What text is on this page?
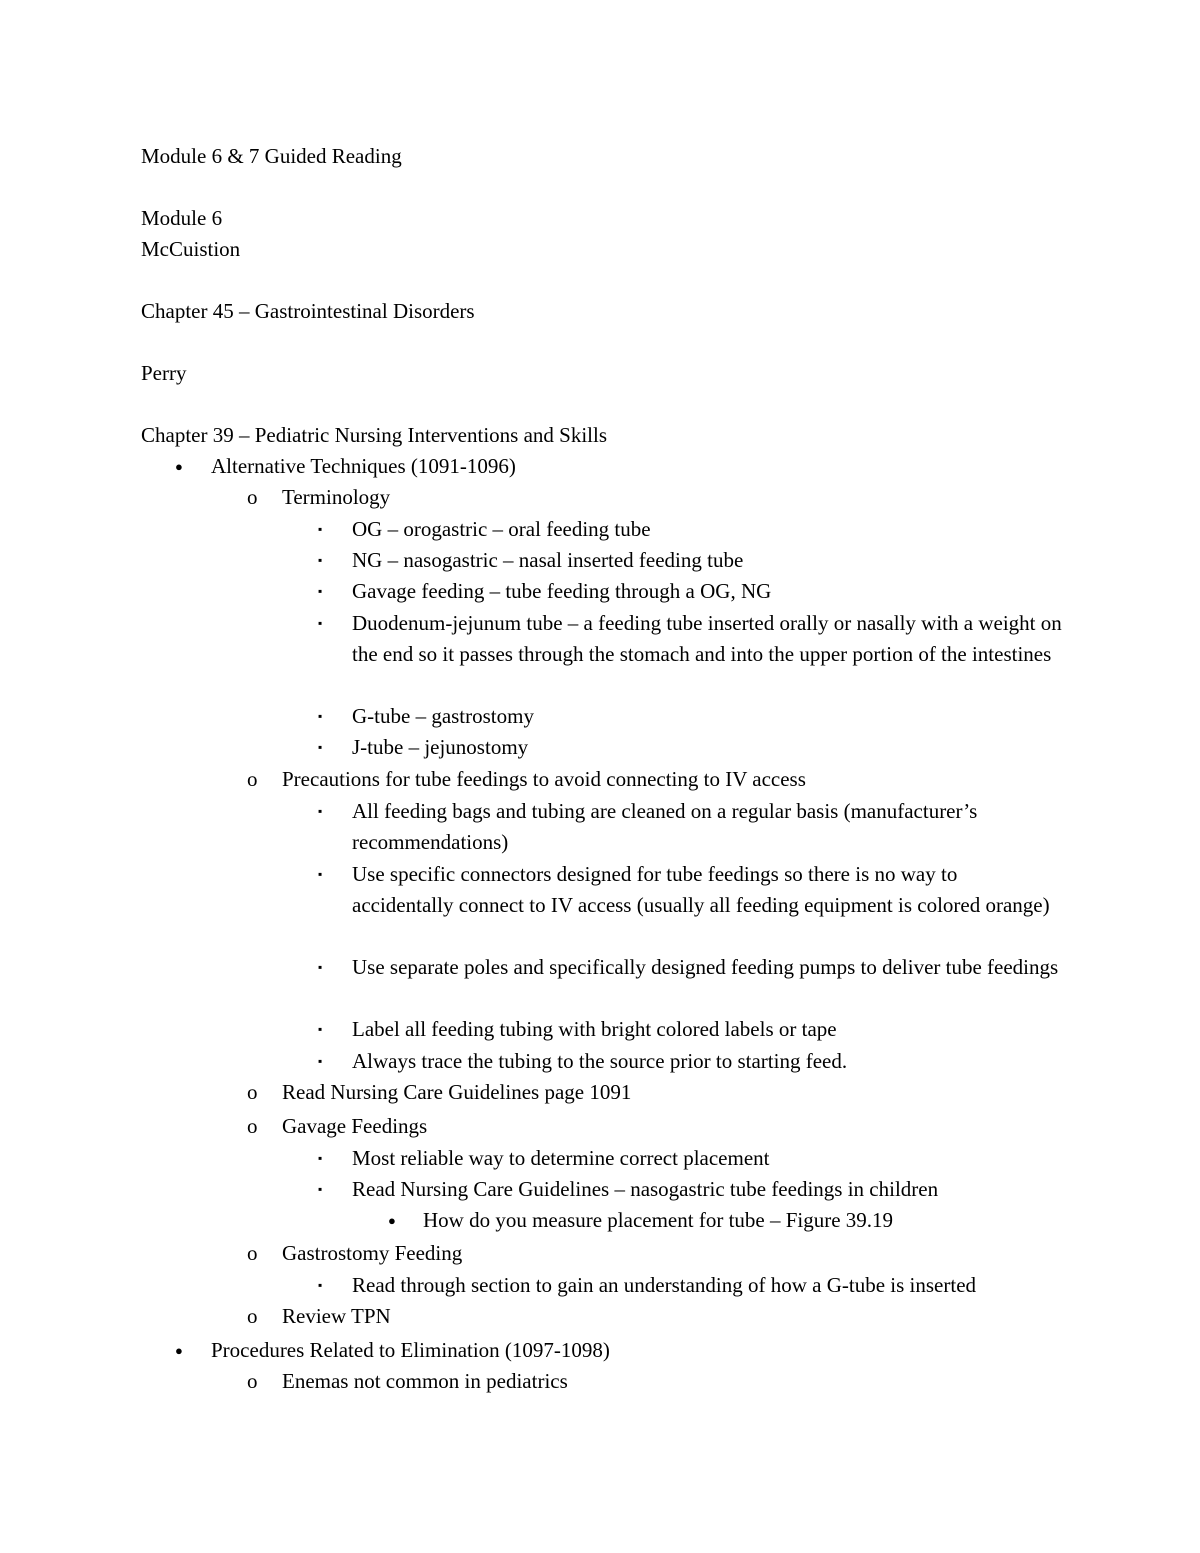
Module 6 & 7 Guided Reading
Module 6
McCuistion
Chapter 45 – Gastrointestinal Disorders
Perry
Chapter 39 – Pediatric Nursing Interventions and Skills
● Alternative Techniques (1091-1096)
o Terminology
▪ OG – orogastric – oral feeding tube
▪ NG – nasogastric – nasal inserted feeding tube
▪ Gavage feeding – tube feeding through a OG, NG
▪ Duodenum-jejunum tube – a feeding tube inserted orally or nasally with a weight on the end so it passes through the stomach and into the upper portion of the intestines
▪ G-tube – gastrostomy
▪ J-tube – jejunostomy
o Precautions for tube feedings to avoid connecting to IV access
▪ All feeding bags and tubing are cleaned on a regular basis (manufacturer’s recommendations)
▪ Use specific connectors designed for tube feedings so there is no way to accidentally connect to IV access (usually all feeding equipment is colored orange)
▪ Use separate poles and specifically designed feeding pumps to deliver tube feedings
▪ Label all feeding tubing with bright colored labels or tape
▪ Always trace the tubing to the source prior to starting feed.
o Read Nursing Care Guidelines page 1091
o Gavage Feedings
▪ Most reliable way to determine correct placement
▪ Read Nursing Care Guidelines – nasogastric tube feedings in children
● How do you measure placement for tube – Figure 39.19
o Gastrostomy Feeding
▪ Read through section to gain an understanding of how a G-tube is inserted
o Review TPN
● Procedures Related to Elimination (1097-1098)
o Enemas not common in pediatrics
